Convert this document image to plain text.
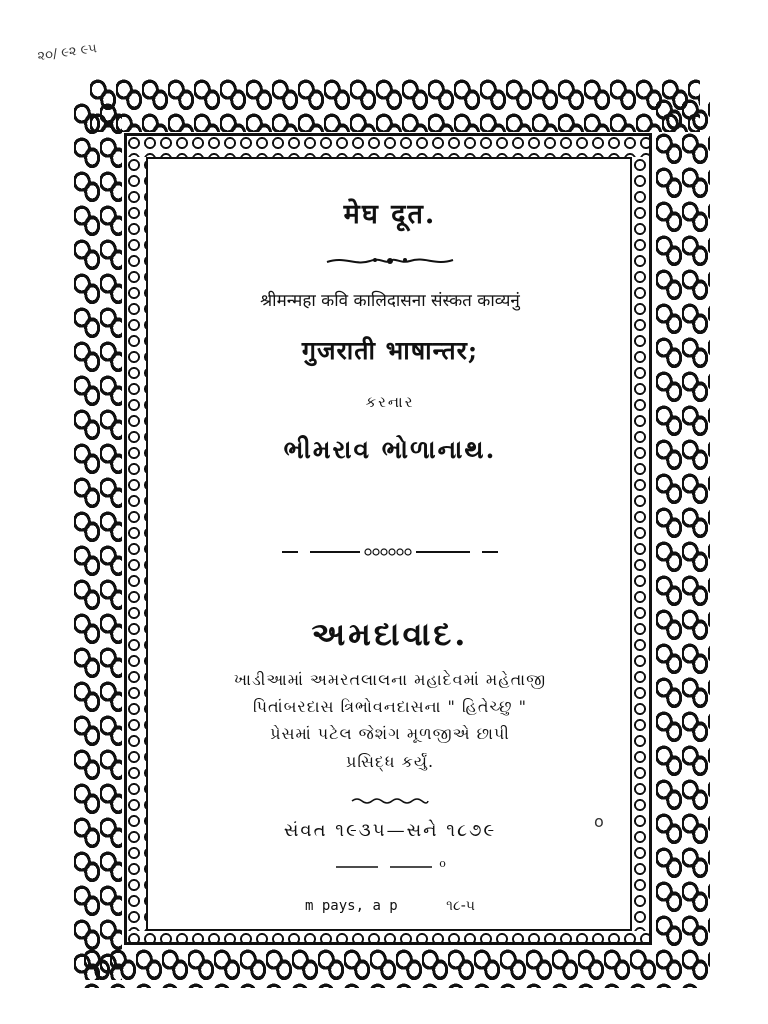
૨૦/ ૯૨ ૯૫
मेघ दूत.
श्रीमन्महा कवि कालिदासना संस्कत काव्यनुं
गुजराती भाषान्तर;
કરનાર
ભીમરાવ ભોળાનાથ.
અમદાવાદ.
ખાડીઆમાં અમરતલાલના મહાદેવમાં મહેતાજી
પિતાંબરદાસ ત્રિભોવનદાસના " હિતેચ્છુ "
પ્રેસમાં પટેલ જેશંગ મૂળજીએ છાપી
પ્રસિદ્ધ કર્યું.
સંવત ૧૯૩૫—સને ૧૮૭૯
$^o$
m pays, a p	૧૮-૫
o
